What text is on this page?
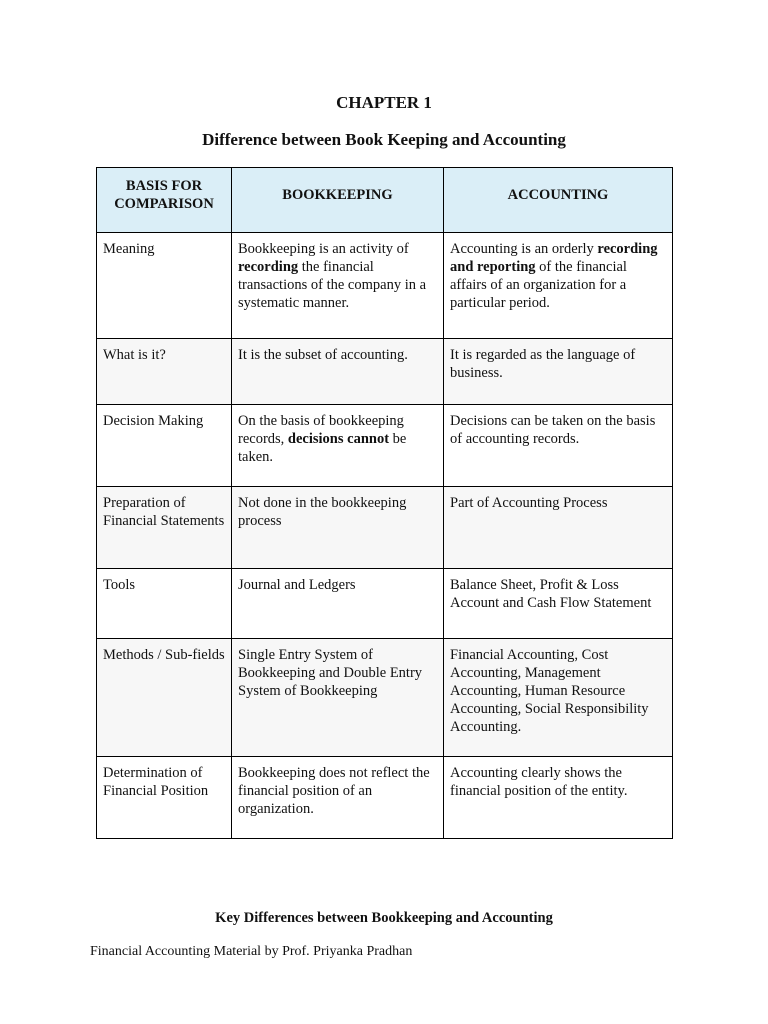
CHAPTER 1
Difference between Book Keeping and Accounting
BASIS FOR COMPARISON	BOOKKEEPING	ACCOUNTING
Meaning	Bookkeeping is an activity of recording the financial transactions of the company in a systematic manner.	Accounting is an orderly recording and reporting of the financial affairs of an organization for a particular period.
What is it?	It is the subset of accounting.	It is regarded as the language of business.
Decision Making	On the basis of bookkeeping records, decisions cannot be taken.	Decisions can be taken on the basis of accounting records.
Preparation of Financial Statements	Not done in the bookkeeping process	Part of Accounting Process
Tools	Journal and Ledgers	Balance Sheet, Profit & Loss Account and Cash Flow Statement
Methods / Sub-fields	Single Entry System of Bookkeeping and Double Entry System of Bookkeeping	Financial Accounting, Cost Accounting, Management Accounting, Human Resource Accounting, Social Responsibility Accounting.
Determination of Financial Position	Bookkeeping does not reflect the financial position of an organization.	Accounting clearly shows the financial position of the entity.
Key Differences between Bookkeeping and Accounting
Financial Accounting Material by Prof. Priyanka Pradhan
